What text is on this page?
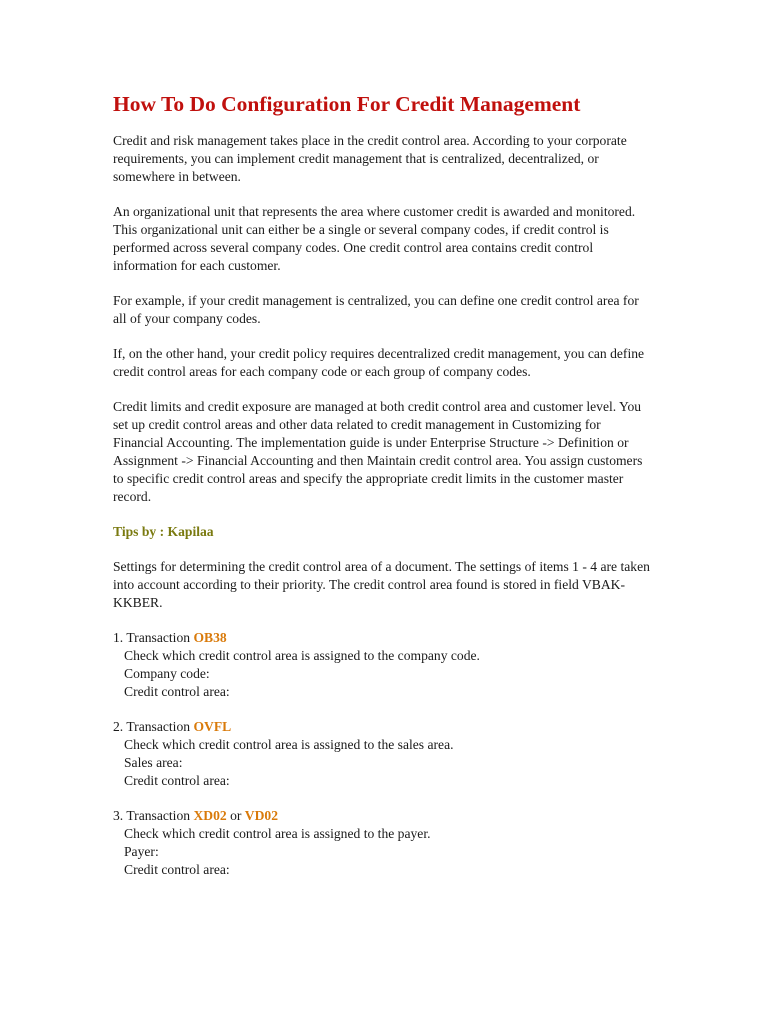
How To Do Configuration For Credit Management

Credit and risk management takes place in the credit control area. According to your corporate requirements, you can implement credit management that is centralized, decentralized, or somewhere in between.

An organizational unit that represents the area where customer credit is awarded and monitored. This organizational unit can either be a single or several company codes, if credit control is performed across several company codes. One credit control area contains credit control information for each customer.

For example, if your credit management is centralized, you can define one credit control area for all of your company codes.

If, on the other hand, your credit policy requires decentralized credit management, you can define credit control areas for each company code or each group of company codes.

Credit limits and credit exposure are managed at both credit control area and customer level. You set up credit control areas and other data related to credit management in Customizing for Financial Accounting. The implementation guide is under Enterprise Structure -> Definition or Assignment -> Financial Accounting and then Maintain credit control area. You assign customers to specific credit control areas and specify the appropriate credit limits in the customer master record.

Tips by : Kapilaa

Settings for determining the credit control area of a document. The settings of items 1 - 4 are taken into account according to their priority. The credit control area found is stored in field VBAK-KKBER.

1. Transaction OB38
Check which credit control area is assigned to the company code.
Company code:
Credit control area:
2. Transaction OVFL
Check which credit control area is assigned to the sales area.
Sales area:
Credit control area:
3. Transaction XD02 or VD02
Check which credit control area is assigned to the payer.
Payer:
Credit control area:
